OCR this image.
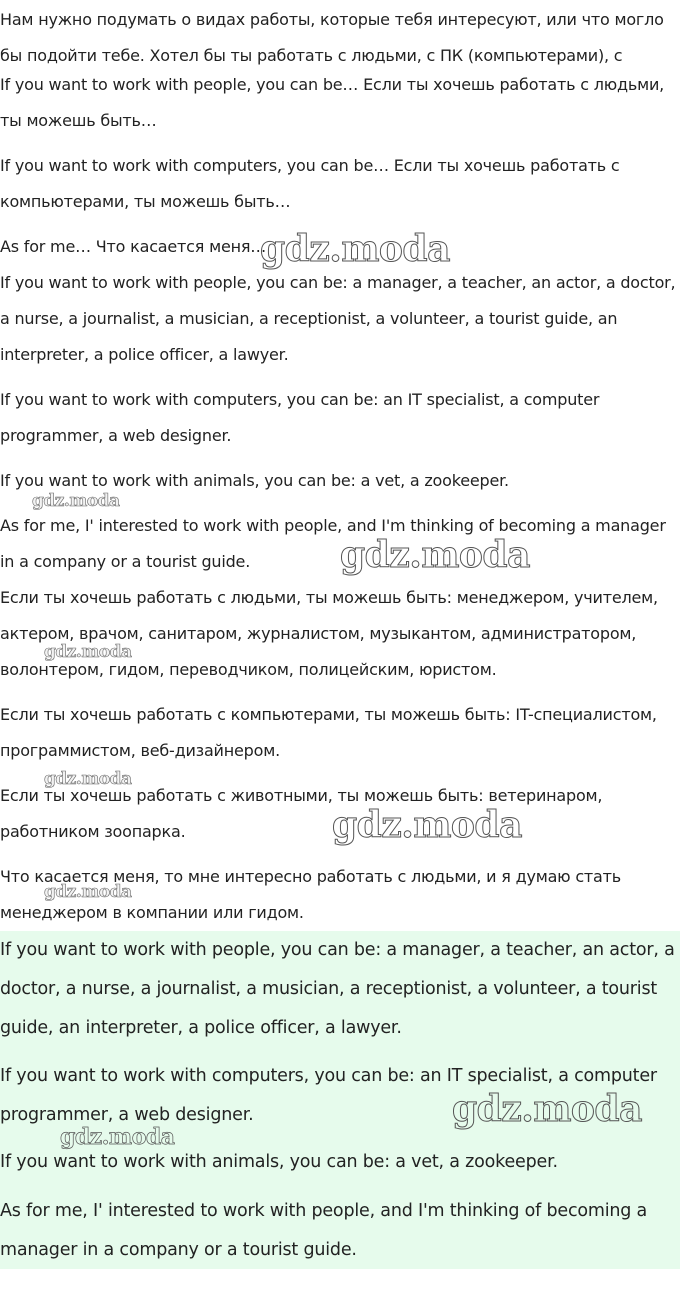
Нам нужно подумать о видах работы, которые тебя интересуют, или что могло бы подойти тебе. Хотел бы ты работать с людьми, с ПК (компьютерами), с

If you want to work with people, you can be… Если ты хочешь работать с людьми, ты можешь быть…

If you want to work with computers, you can be… Если ты хочешь работать с компьютерами, ты можешь быть…

As for me… Что касается меня…

If you want to work with people, you can be: a manager, a teacher, an actor, a doctor, a nurse, a journalist, a musician, a receptionist, a volunteer, a tourist guide, an interpreter, a police officer, a lawyer.

If you want to work with computers, you can be: an IT specialist, a computer programmer, a web designer.

If you want to work with animals, you can be: a vet, a zookeeper.

As for me, I' interested to work with people, and I'm thinking of becoming a manager in a company or a tourist guide.

Если ты хочешь работать с людьми, ты можешь быть: менеджером, учителем, актером, врачом, санитаром, журналистом, музыкантом, администратором, волонтером, гидом, переводчиком, полицейским, юристом.

Если ты хочешь работать с компьютерами, ты можешь быть: IT-специалистом, программистом, веб-дизайнером.

Если ты хочешь работать с животными, ты можешь быть: ветеринаром, работником зоопарка.

Что касается меня, то мне интересно работать с людьми, и я думаю стать менеджером в компании или гидом.

If you want to work with people, you can be: a manager, a teacher, an actor, a doctor, a nurse, a journalist, a musician, a receptionist, a volunteer, a tourist guide, an interpreter, a police officer, a lawyer.

If you want to work with computers, you can be: an IT specialist, a computer programmer, a web designer.

If you want to work with animals, you can be: a vet, a zookeeper.

As for me, I' interested to work with people, and I'm thinking of becoming a manager in a company or a tourist guide.

gdz.moda
gdz.moda
gdz.moda
gdz.moda
gdz.moda
gdz.moda
gdz.moda
